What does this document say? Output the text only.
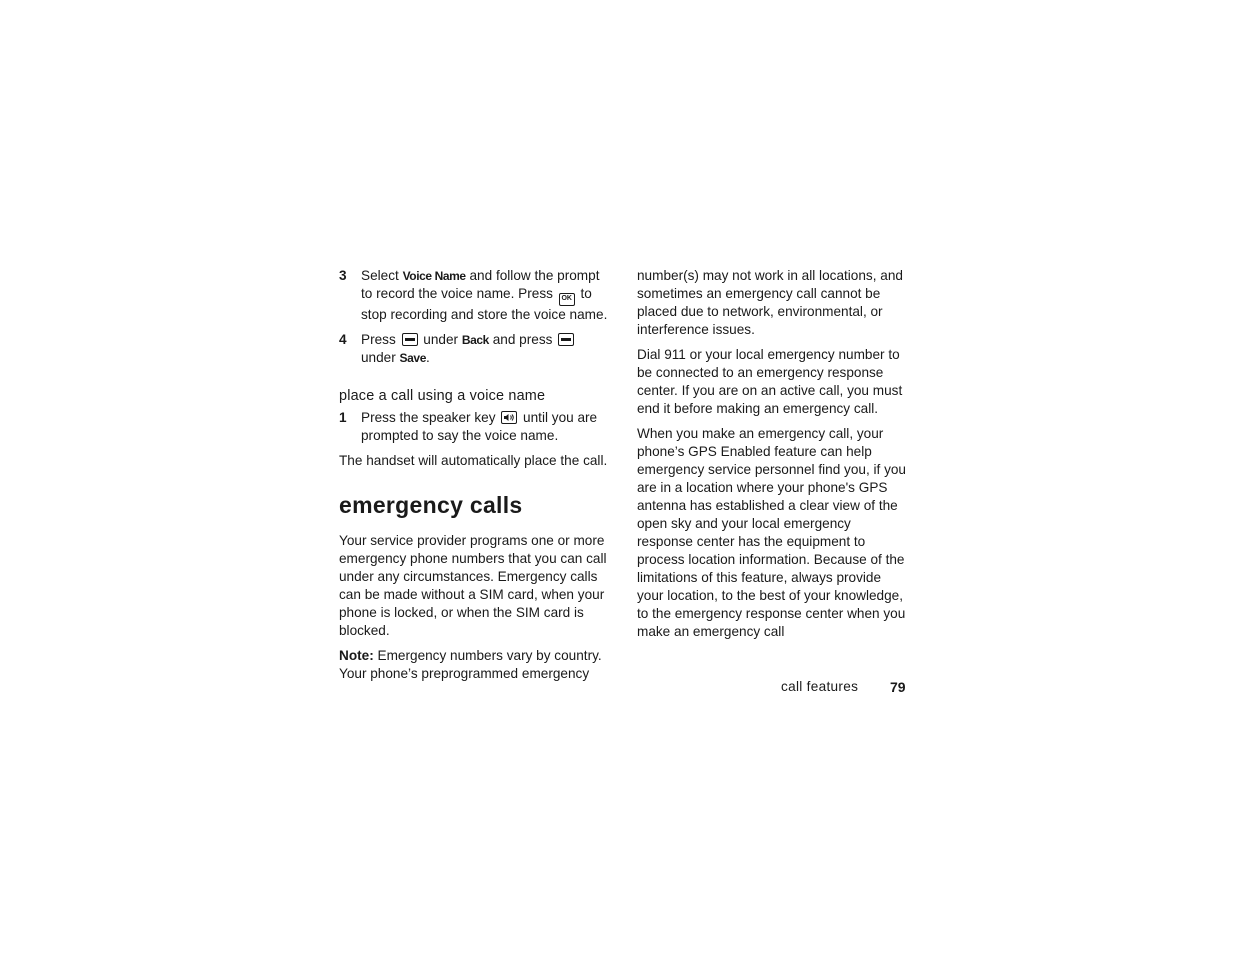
3	Select Voice Name and follow the prompt to record the voice name. Press OK to stop recording and store the voice name.
4	Press  under Back and press  under Save.
place a call using a voice name
1	Press the speaker key
until you are prompted to say the voice name.

The handset will automatically place the call.

emergency calls

Your service provider programs one or more emergency phone numbers that you can call under any circumstances. Emergency calls can be made without a SIM card, when your phone is locked, or when the SIM card is blocked.

Note: Emergency numbers vary by country. Your phone’s preprogrammed emergency

number(s) may not work in all locations, and sometimes an emergency call cannot be placed due to network, environmental, or interference issues.

Dial 911 or your local emergency number to be connected to an emergency response center. If you are on an active call, you must end it before making an emergency call.

When you make an emergency call, your phone’s GPS Enabled feature can help emergency service personnel find you, if you are in a location where your phone's GPS antenna has established a clear view of the open sky and your local emergency response center has the equipment to process location information. Because of the limitations of this feature, always provide your location, to the best of your knowledge, to the emergency response center when you make an emergency call

call features 79
